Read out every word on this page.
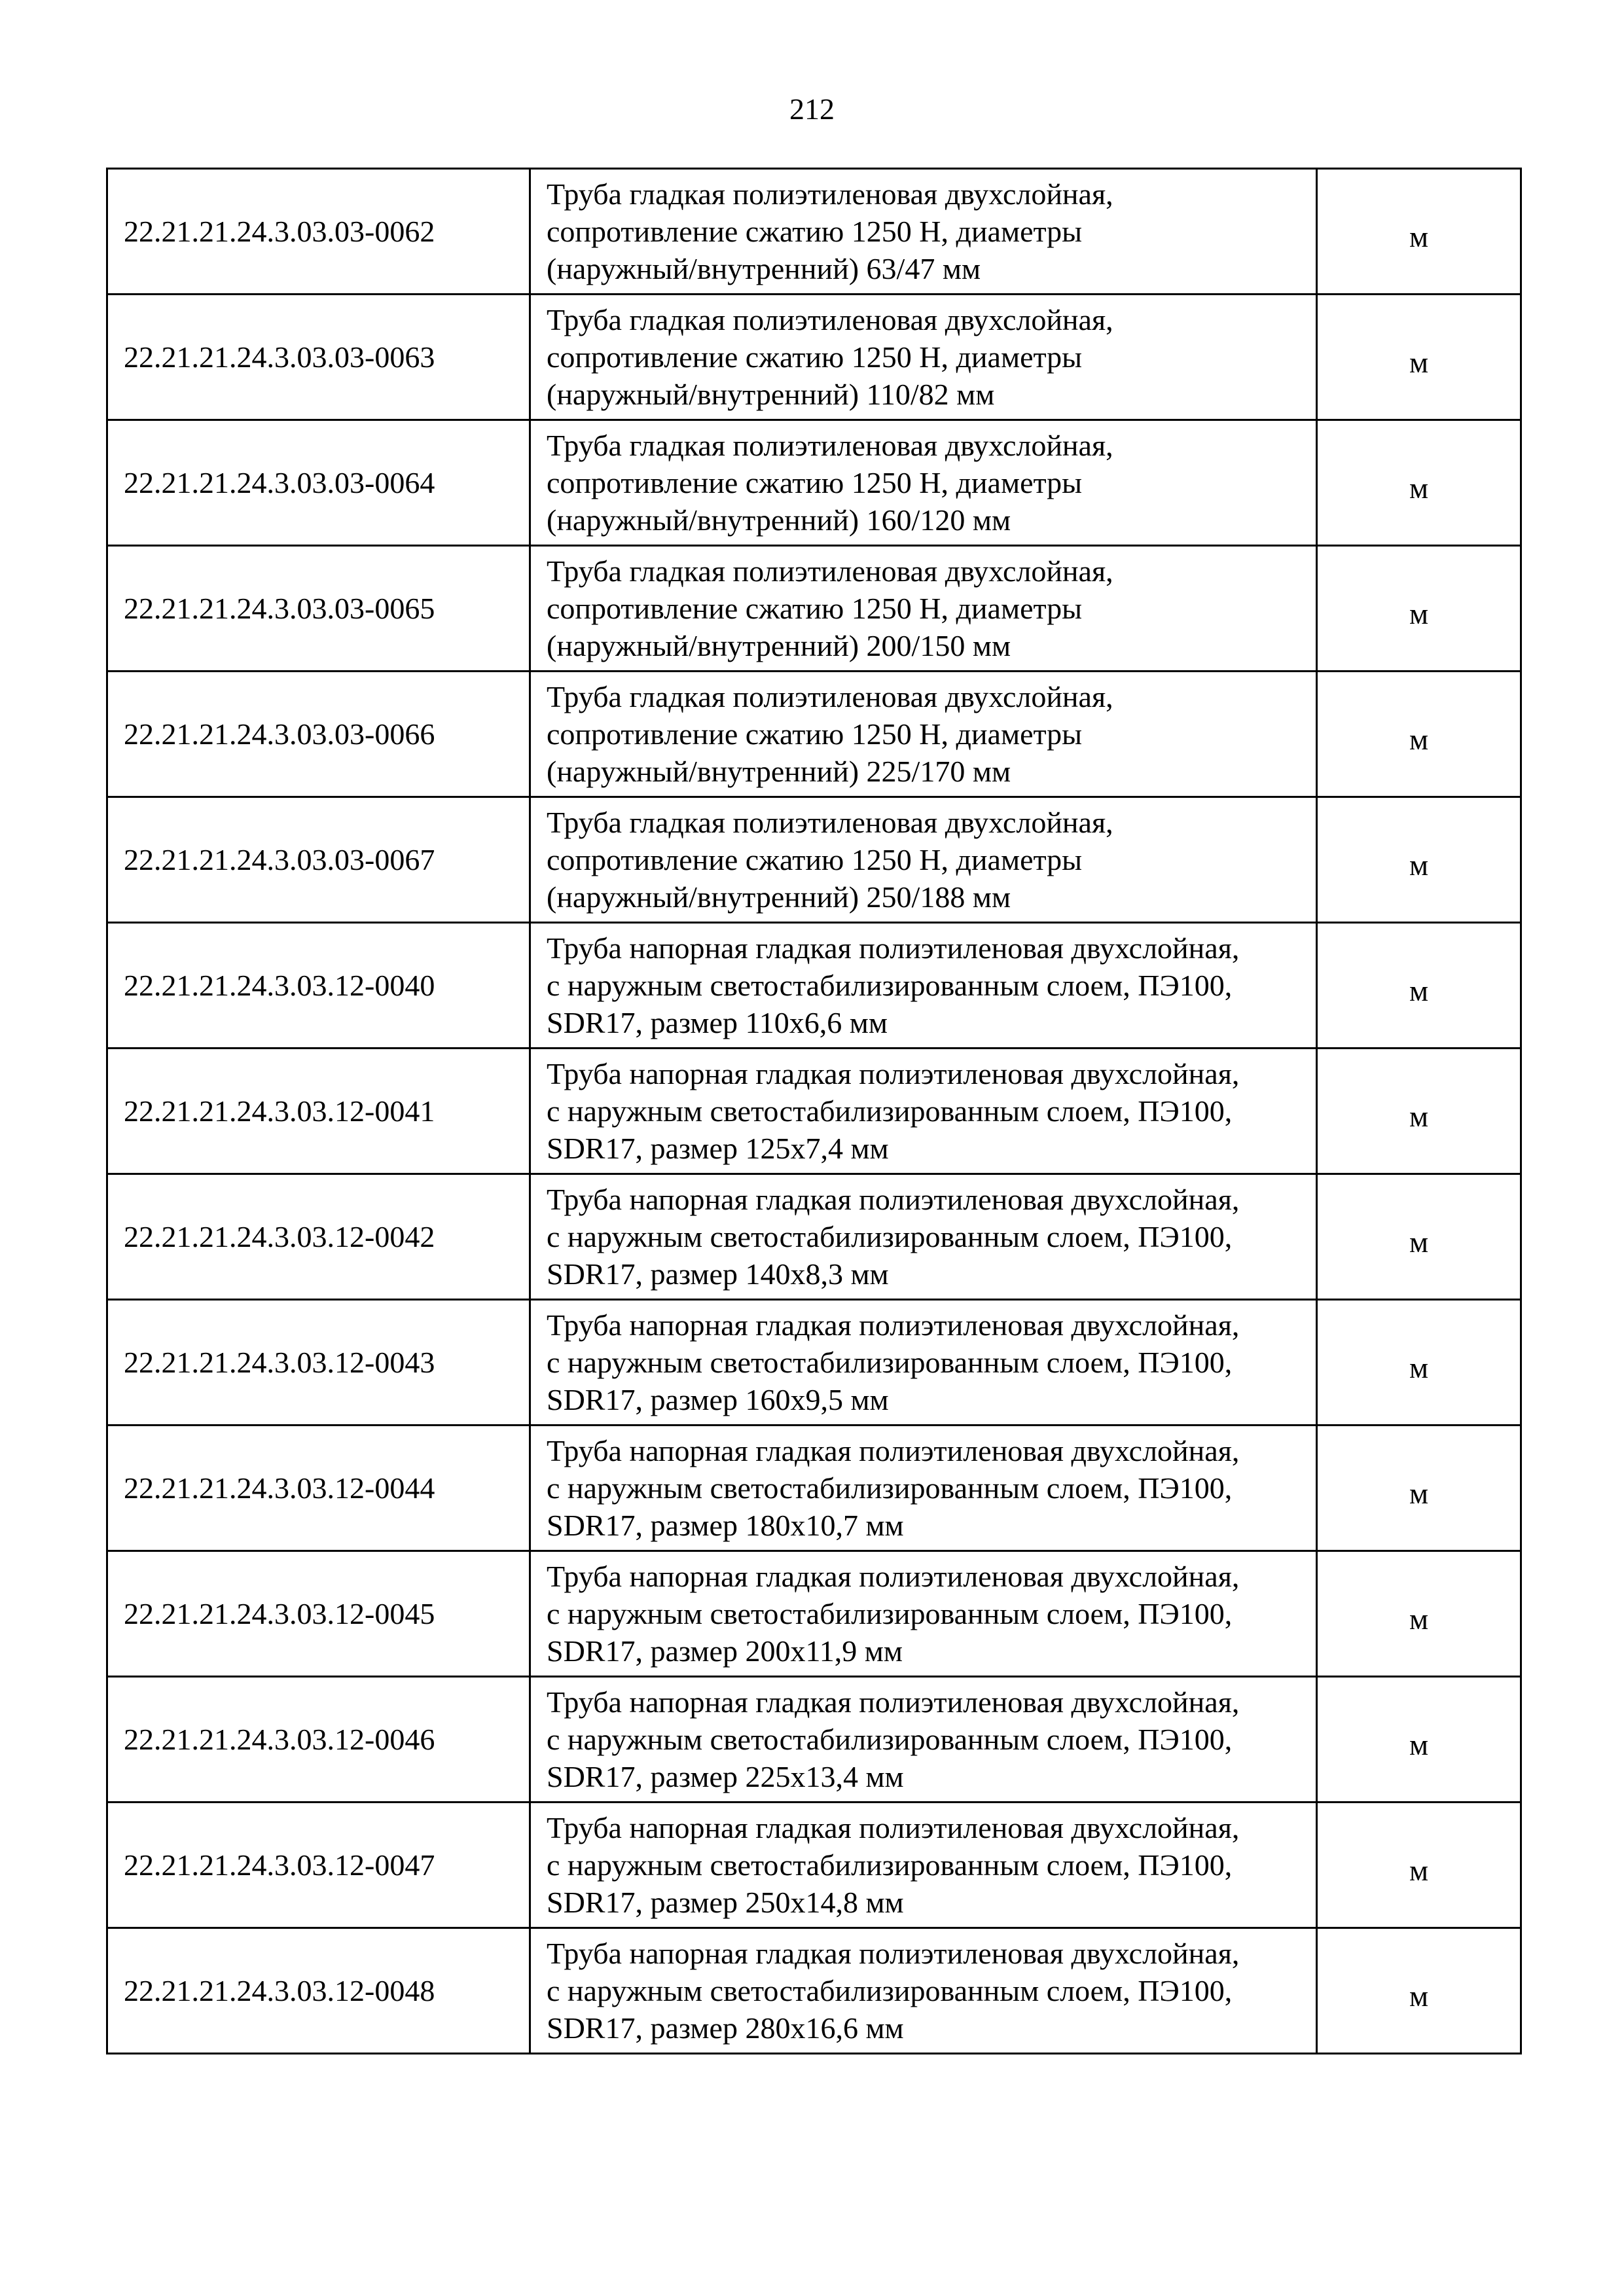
212
22.21.21.24.3.03.03-0062	Труба гладкая полиэтиленовая двухслойная,
сопротивление сжатию 1250 Н, диаметры
(наружный/внутренний) 63/47 мм	м
22.21.21.24.3.03.03-0063	Труба гладкая полиэтиленовая двухслойная,
сопротивление сжатию 1250 Н, диаметры
(наружный/внутренний) 110/82 мм	м
22.21.21.24.3.03.03-0064	Труба гладкая полиэтиленовая двухслойная,
сопротивление сжатию 1250 Н, диаметры
(наружный/внутренний) 160/120 мм	м
22.21.21.24.3.03.03-0065	Труба гладкая полиэтиленовая двухслойная,
сопротивление сжатию 1250 Н, диаметры
(наружный/внутренний) 200/150 мм	м
22.21.21.24.3.03.03-0066	Труба гладкая полиэтиленовая двухслойная,
сопротивление сжатию 1250 Н, диаметры
(наружный/внутренний) 225/170 мм	м
22.21.21.24.3.03.03-0067	Труба гладкая полиэтиленовая двухслойная,
сопротивление сжатию 1250 Н, диаметры
(наружный/внутренний) 250/188 мм	м
22.21.21.24.3.03.12-0040	Труба напорная гладкая полиэтиленовая двухслойная,
с наружным светостабилизированным слоем, ПЭ100,
SDR17, размер 110х6,6 мм	м
22.21.21.24.3.03.12-0041	Труба напорная гладкая полиэтиленовая двухслойная,
с наружным светостабилизированным слоем, ПЭ100,
SDR17, размер 125х7,4 мм	м
22.21.21.24.3.03.12-0042	Труба напорная гладкая полиэтиленовая двухслойная,
с наружным светостабилизированным слоем, ПЭ100,
SDR17, размер 140х8,3 мм	м
22.21.21.24.3.03.12-0043	Труба напорная гладкая полиэтиленовая двухслойная,
с наружным светостабилизированным слоем, ПЭ100,
SDR17, размер 160х9,5 мм	м
22.21.21.24.3.03.12-0044	Труба напорная гладкая полиэтиленовая двухслойная,
с наружным светостабилизированным слоем, ПЭ100,
SDR17, размер 180х10,7 мм	м
22.21.21.24.3.03.12-0045	Труба напорная гладкая полиэтиленовая двухслойная,
с наружным светостабилизированным слоем, ПЭ100,
SDR17, размер 200х11,9 мм	м
22.21.21.24.3.03.12-0046	Труба напорная гладкая полиэтиленовая двухслойная,
с наружным светостабилизированным слоем, ПЭ100,
SDR17, размер 225х13,4 мм	м
22.21.21.24.3.03.12-0047	Труба напорная гладкая полиэтиленовая двухслойная,
с наружным светостабилизированным слоем, ПЭ100,
SDR17, размер 250х14,8 мм	м
22.21.21.24.3.03.12-0048	Труба напорная гладкая полиэтиленовая двухслойная,
с наружным светостабилизированным слоем, ПЭ100,
SDR17, размер 280х16,6 мм	м
